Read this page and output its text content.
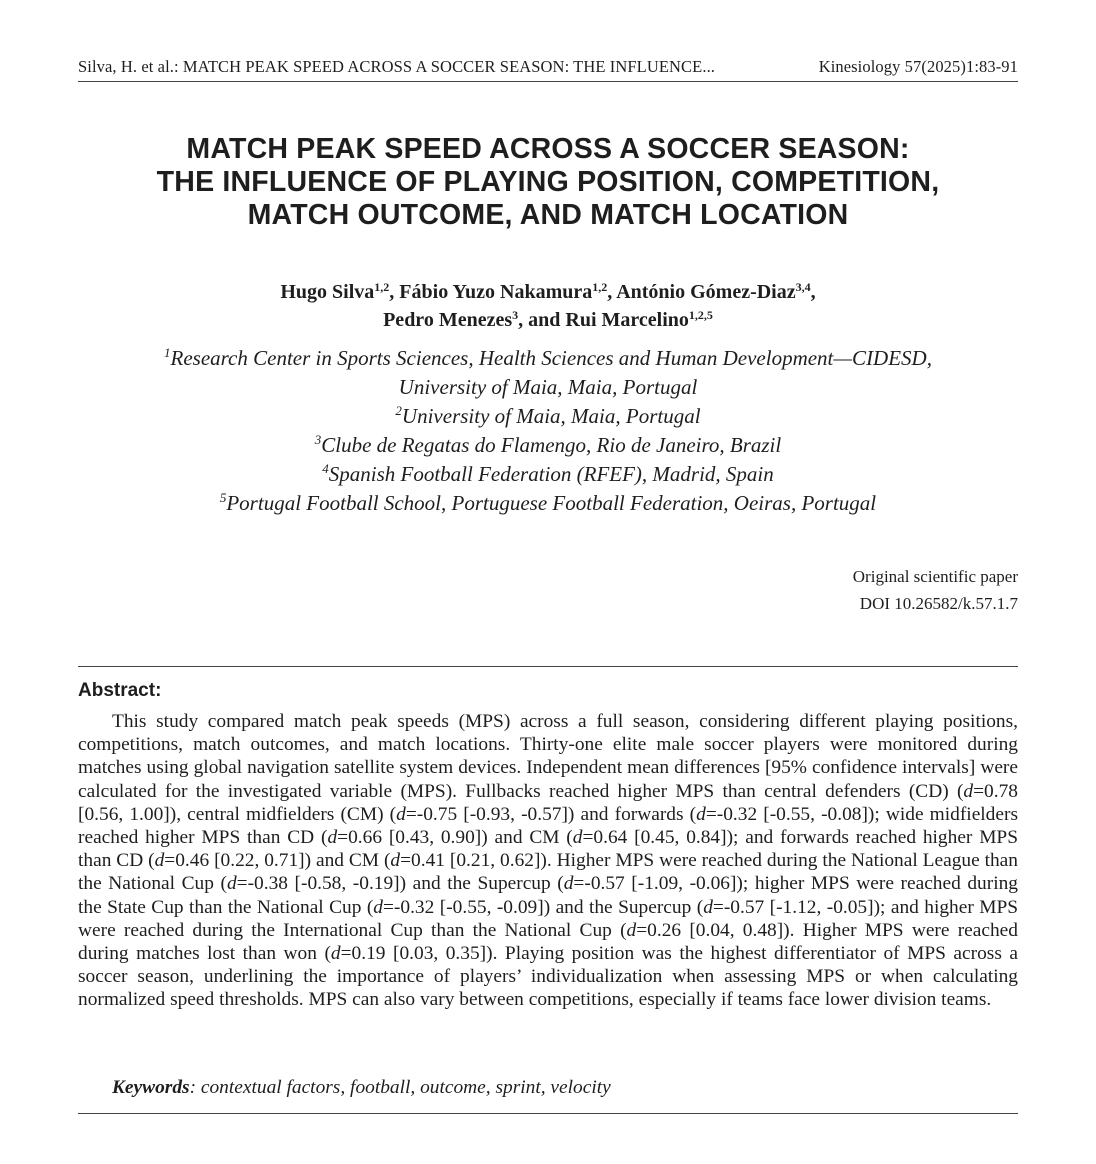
Silva, H. et al.: MATCH PEAK SPEED ACROSS A SOCCER SEASON: THE INFLUENCE...	Kinesiology 57(2025)1:83-91
MATCH PEAK SPEED ACROSS A SOCCER SEASON:
THE INFLUENCE OF PLAYING POSITION, COMPETITION,
MATCH OUTCOME, AND MATCH LOCATION
Hugo Silva$^{1,2}$, Fábio Yuzo Nakamura$^{1,2}$, António Gómez-Diaz$^{3,4}$,
Pedro Menezes$^3$, and Rui Marcelino$^{1,2,5}$
$^1$Research Center in Sports Sciences, Health Sciences and Human Development—CIDESD,
University of Maia, Maia, Portugal
$^2$University of Maia, Maia, Portugal
$^3$Clube de Regatas do Flamengo, Rio de Janeiro, Brazil
$^4$Spanish Football Federation (RFEF), Madrid, Spain
$^5$Portugal Football School, Portuguese Football Federation, Oeiras, Portugal
Original scientific paper
DOI 10.26582/k.57.1.7
Abstract:

This study compared match peak speeds (MPS) across a full season, considering different playing positions, competitions, match outcomes, and match locations. Thirty-one elite male soccer players were monitored during matches using global navigation satellite system devices. Independent mean differences [95% confidence intervals] were calculated for the investigated variable (MPS). Fullbacks reached higher MPS than central defenders (CD) (d=0.78 [0.56, 1.00]), central midfielders (CM) (d=-0.75 [-0.93, -0.57]) and forwards (d=-0.32 [-0.55, -0.08]); wide midfielders reached higher MPS than CD (d=0.66 [0.43, 0.90]) and CM (d=0.64 [0.45, 0.84]); and forwards reached higher MPS than CD (d=0.46 [0.22, 0.71]) and CM (d=0.41 [0.21, 0.62]). Higher MPS were reached during the National League than the National Cup (d=-0.38 [-0.58, -0.19]) and the Supercup (d=-0.57 [-1.09, -0.06]); higher MPS were reached during the State Cup than the National Cup (d=-0.32 [-0.55, -0.09]) and the Supercup (d=-0.57 [-1.12, -0.05]); and higher MPS were reached during the International Cup than the National Cup (d=0.26 [0.04, 0.48]). Higher MPS were reached during matches lost than won (d=0.19 [0.03, 0.35]). Playing position was the highest differentiator of MPS across a soccer season, underlining the importance of players’ individualization when assessing MPS or when calculating normalized speed thresholds. MPS can also vary between competitions, especially if teams face lower division teams.

Keywords: contextual factors, football, outcome, sprint, velocity
